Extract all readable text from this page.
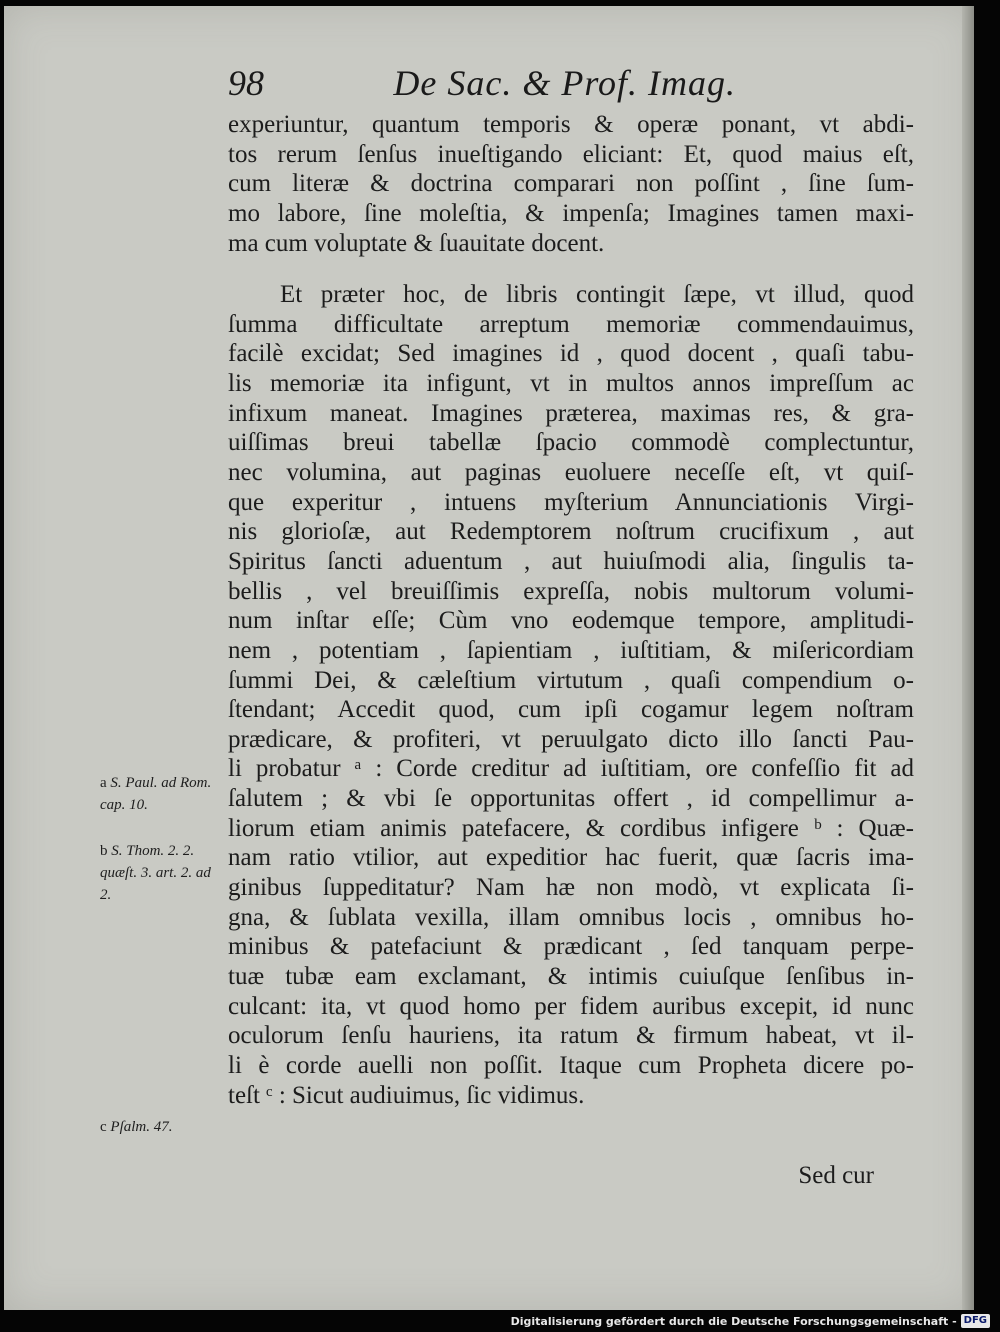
98	De Sac. & Prof. Imag.
experiuntur, quantum temporis & operæ ponant, vt abdi-
tos rerum ſenſus inueſtigando eliciant: Et, quod maius eſt,
cum literæ & doctrina comparari non poſſint , ſine ſum-
mo labore, ſine moleſtia, & impenſa; Imagines tamen maxi-
ma cum voluptate & ſuauitate docent.
Et præter hoc, de libris contingit ſæpe, vt illud, quod
ſumma difficultate arreptum memoriæ commendauimus,
facilè excidat; Sed imagines id , quod docent , quaſi tabu-
lis memoriæ ita infigunt, vt in multos annos impreſſum ac
infixum maneat. Imagines præterea, maximas res, & gra-
uiſſimas breui tabellæ ſpacio commodè complectuntur,
nec volumina, aut paginas euoluere neceſſe eſt, vt quiſ-
que experitur , intuens myſterium Annunciationis Virgi-
nis glorioſæ, aut Redemptorem noſtrum crucifixum , aut
Spiritus ſancti aduentum , aut huiuſmodi alia, ſingulis ta-
bellis , vel breuiſſimis expreſſa, nobis multorum volumi-
num inſtar eſſe; Cùm vno eodemque tempore, amplitudi-
nem , potentiam , ſapientiam , iuſtitiam, & miſericordiam
ſummi Dei, & cæleſtium virtutum , quaſi compendium o-
ſtendant; Accedit quod, cum ipſi cogamur legem noſtram
prædicare, & profiteri, vt peruulgato dicto illo ſancti Pau-
li probatur ᵃ : Corde creditur ad iuſtitiam, ore confeſſio fit ad
ſalutem ; & vbi ſe opportunitas offert , id compellimur a-
liorum etiam animis patefacere, & cordibus infigere ᵇ : Quæ-
nam ratio vtilior, aut expeditior hac fuerit, quæ ſacris ima-
ginibus ſuppeditatur? Nam hæ non modò, vt explicata ſi-
gna, & ſublata vexilla, illam omnibus locis , omnibus ho-
minibus & patefaciunt & prædicant , ſed tanquam perpe-
tuæ tubæ eam exclamant, & intimis cuiuſque ſenſibus in-
culcant: ita, vt quod homo per fidem auribus excepit, id nunc
oculorum ſenſu hauriens, ita ratum & firmum habeat, vt il-
li è corde auelli non poſſit. Itaque cum Propheta dicere po-
teſt ᶜ : Sicut audiuimus, ſic vidimus.
a S. Paul. ad Rom. cap. 10.
b S. Thom. 2. 2. quæſt. 3. art. 2. ad 2.
c Pſalm. 47.
Sed cur
Digitalisierung gefördert durch die Deutsche Forschungsgemeinschaft - DFG
